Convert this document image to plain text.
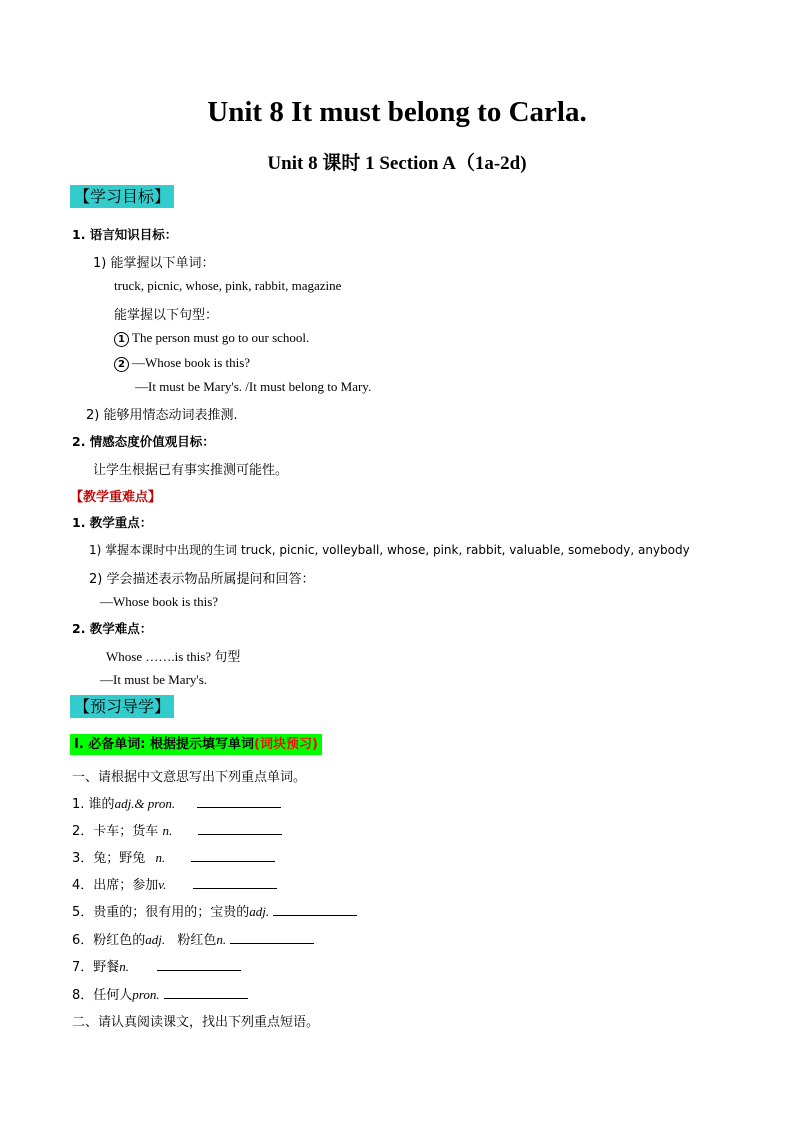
Unit 8 It must belong to Carla.
Unit 8 课时 1 Section A（1a-2d)
【学习目标】
1. 语言知识目标：
1) 能掌握以下单词：
truck, picnic, whose, pink, rabbit, magazine
能掌握以下句型：
1 The person must go to our school.
2 —Whose book is this?
—It must be Mary's. /It must belong to Mary.
2) 能够用情态动词表推测.
2. 情感态度价值观目标：
让学生根据已有事实推测可能性。
【教学重难点】
1. 教学重点：
1) 掌握本课时中出现的生词 truck, picnic, volleyball, whose, pink, rabbit, valuable, somebody, anybody
2) 学会描述表示物品所属提问和回答：
—Whose book is this?
2. 教学难点：
Whose …….is this? 句型
—It must be Mary's.
【预习导学】
Ⅰ. 必备单词: 根据提示填写单词(词块预习)
一、请根据中文意思写出下列重点单词。
1. 谁的adj.& pron.
2．卡车；货车 n.
3．兔；野兔 n.
4．出席；参加v.
5．贵重的；很有用的；宝贵的adj.
6．粉红色的adj. 粉红色n.
7．野餐n.
8．任何人pron.
二、请认真阅读课文，找出下列重点短语。
